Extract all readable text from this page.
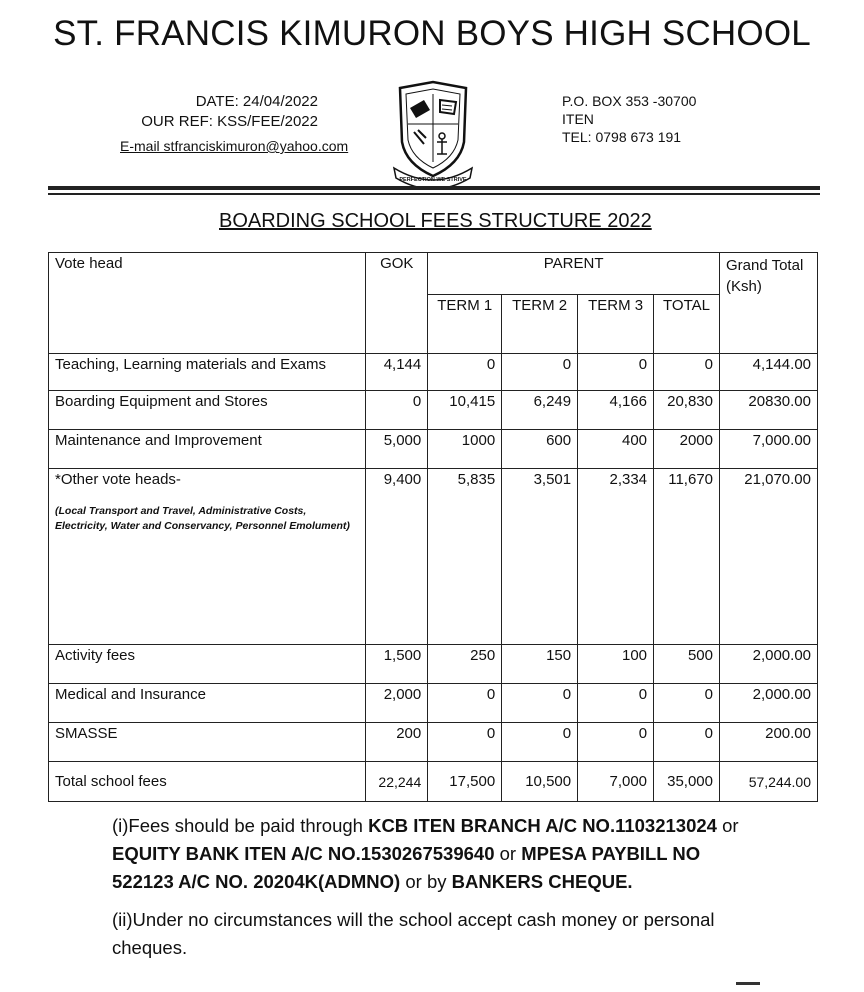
ST. FRANCIS KIMURON BOYS HIGH SCHOOL
DATE: 24/04/2022
OUR REF: KSS/FEE/2022
E-mail stfranciskimuron@yahoo.com
PERFECTION WE STRIVE
P.O. BOX 353 -30700
ITEN
TEL: 0798 673 191
BOARDING SCHOOL FEES STRUCTURE 2022
Vote head	GOK	PARENT				Grand Total (Ksh)
		TERM 1	TERM 2	TERM 3	TOTAL	
Teaching, Learning materials and Exams	4,144	0	0	0	0	4,144.00
Boarding Equipment and Stores	0	10,415	6,249	4,166	20,830	20830.00
Maintenance and Improvement	5,000	1000	600	400	2000	7,000.00

*Other vote heads-
(Local Transport and Travel, Administrative Costs, Electricity, Water and Conservancy, Personnel Emolument)	9,400	5,835	3,501	2,334	11,670	21,070.00
Activity fees	1,500	250	150	100	500	2,000.00
Medical and Insurance	2,000	0	0	0	0	2,000.00
SMASSE	200	0	0	0	0	200.00
Total school fees	22,244	17,500	10,500	7,000	35,000	57,244.00

(i)Fees should be paid through KCB ITEN BRANCH A/C NO.1103213024 or EQUITY BANK ITEN A/C NO.1530267539640 or MPESA PAYBILL NO 522123 A/C NO. 20204K(ADMNO) or by BANKERS CHEQUE.

(ii)Under no circumstances will the school accept cash money or personal cheques.
